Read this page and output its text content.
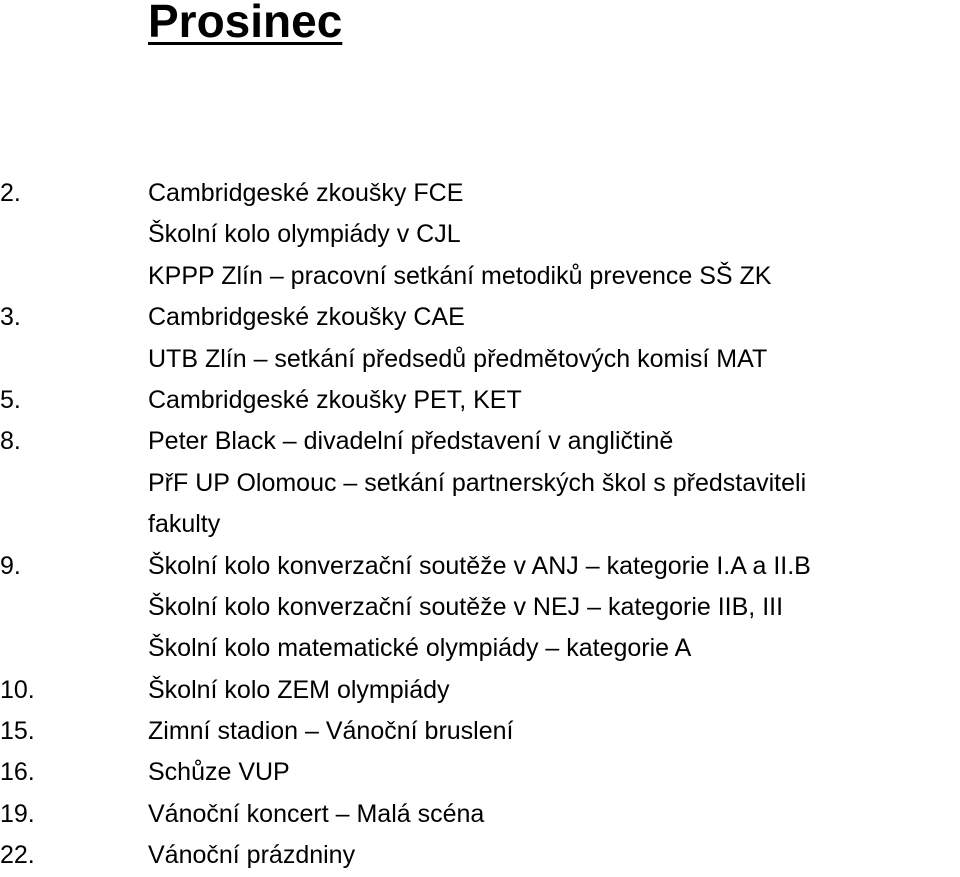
Prosinec
2.	Cambridgeské zkoušky FCE
Školní kolo olympiády v CJL
KPPP Zlín – pracovní setkání metodiků prevence SŠ ZK
3.	Cambridgeské zkoušky CAE
UTB Zlín – setkání předsedů předmětových komisí MAT
5.	Cambridgeské zkoušky PET, KET
8.	Peter Black – divadelní představení v angličtině
PřF UP Olomouc – setkání partnerských škol s představiteli
fakulty
9.	Školní kolo konverzační soutěže v ANJ – kategorie I.A a II.B
Školní kolo konverzační soutěže v NEJ – kategorie IIB, III
Školní kolo matematické olympiády – kategorie A
10.	Školní kolo ZEM olympiády
15.	Zimní stadion – Vánoční bruslení
16.	Schůze VUP
19.	Vánoční koncert – Malá scéna
22.	Vánoční prázdniny
